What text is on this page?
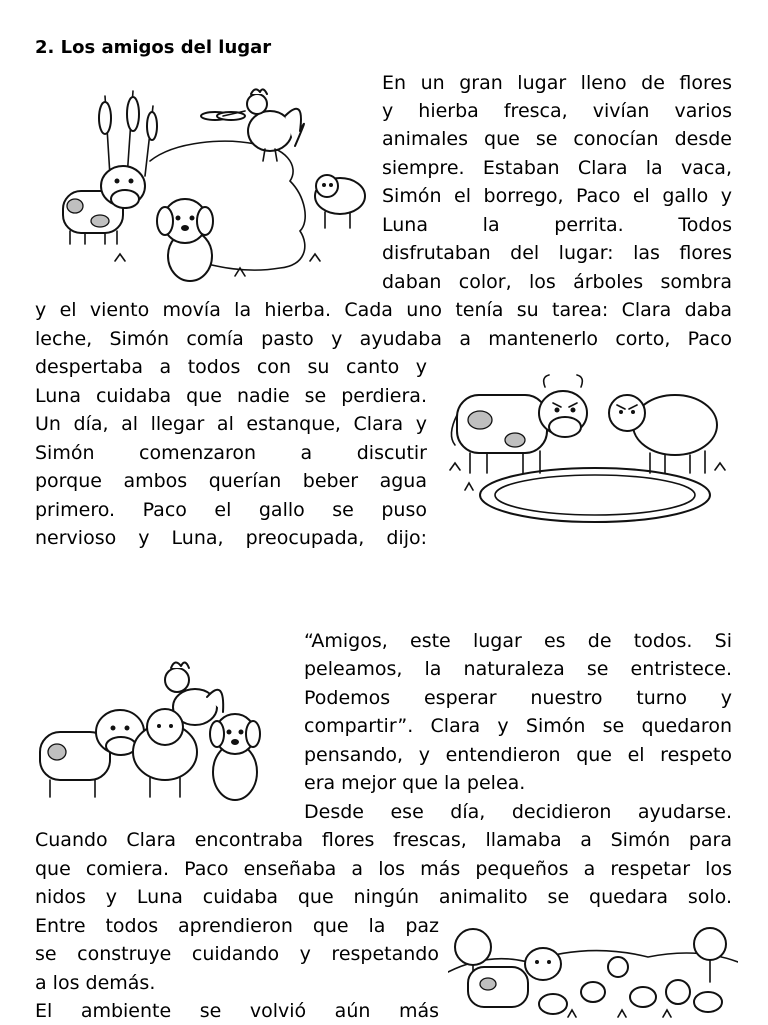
2. Los amigos del lugar
En un gran lugar lleno de flores
y hierba fresca, vivían varios
animales que se conocían desde
siempre. Estaban Clara la vaca,
Simón el borrego, Paco el gallo y
Luna la perrita. Todos
disfrutaban del lugar: las flores
daban color, los árboles sombra
y el viento movía la hierba. Cada uno tenía su tarea: Clara daba
leche, Simón comía pasto y ayudaba a mantenerlo corto, Paco
despertaba a todos con su canto y
Luna cuidaba que nadie se perdiera.
Un día, al llegar al estanque, Clara y
Simón comenzaron a discutir
porque ambos querían beber agua
primero. Paco el gallo se puso
nervioso y Luna, preocupada, dijo:
“Amigos, este lugar es de todos. Si
peleamos, la naturaleza se entristece.
Podemos esperar nuestro turno y
compartir”. Clara y Simón se quedaron
pensando, y entendieron que el respeto
era mejor que la pelea.
Desde ese día, decidieron ayudarse.
Cuando Clara encontraba flores frescas, llamaba a Simón para
que comiera. Paco enseñaba a los más pequeños a respetar los
nidos y Luna cuidaba que ningún animalito se quedara solo.
Entre todos aprendieron que la paz
se construye cuidando y respetando
a los demás.
El ambiente se volvió aún más
